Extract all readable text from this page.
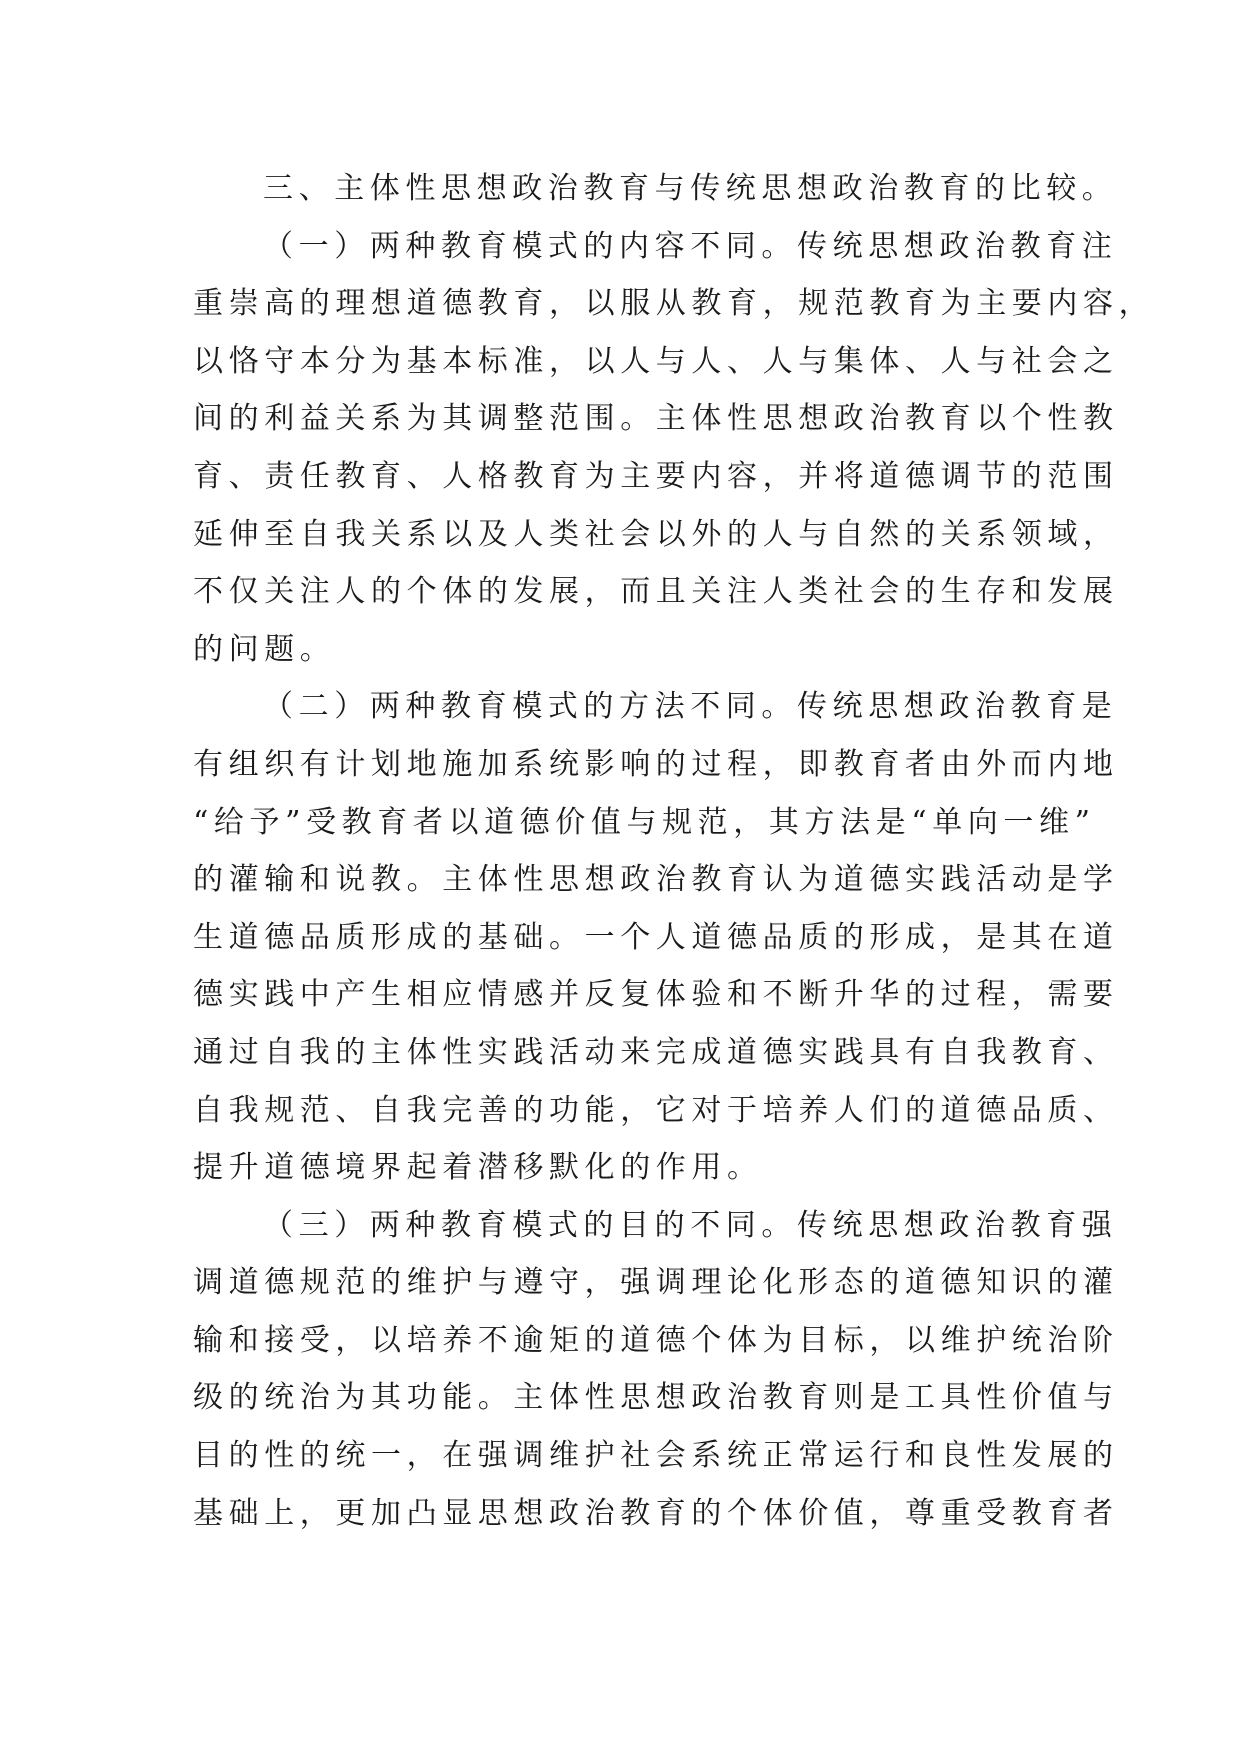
三、主体性思想政治教育与传统思想政治教育的比较。
（一）两种教育模式的内容不同。传统思想政治教育注
重崇高的理想道德教育，以服从教育，规范教育为主要内容，
以恪守本分为基本标准，以人与人、人与集体、人与社会之
间的利益关系为其调整范围。主体性思想政治教育以个性教
育、责任教育、人格教育为主要内容，并将道德调节的范围
延伸至自我关系以及人类社会以外的人与自然的关系领域，
不仅关注人的个体的发展，而且关注人类社会的生存和发展
的问题。
（二）两种教育模式的方法不同。传统思想政治教育是
有组织有计划地施加系统影响的过程，即教育者由外而内地
“给予”受教育者以道德价值与规范，其方法是“单向一维”
的灌输和说教。主体性思想政治教育认为道德实践活动是学
生道德品质形成的基础。一个人道德品质的形成，是其在道
德实践中产生相应情感并反复体验和不断升华的过程，需要
通过自我的主体性实践活动来完成道德实践具有自我教育、
自我规范、自我完善的功能，它对于培养人们的道德品质、
提升道德境界起着潜移默化的作用。
（三）两种教育模式的目的不同。传统思想政治教育强
调道德规范的维护与遵守，强调理论化形态的道德知识的灌
输和接受，以培养不逾矩的道德个体为目标，以维护统治阶
级的统治为其功能。主体性思想政治教育则是工具性价值与
目的性的统一，在强调维护社会系统正常运行和良性发展的
基础上，更加凸显思想政治教育的个体价值，尊重受教育者
